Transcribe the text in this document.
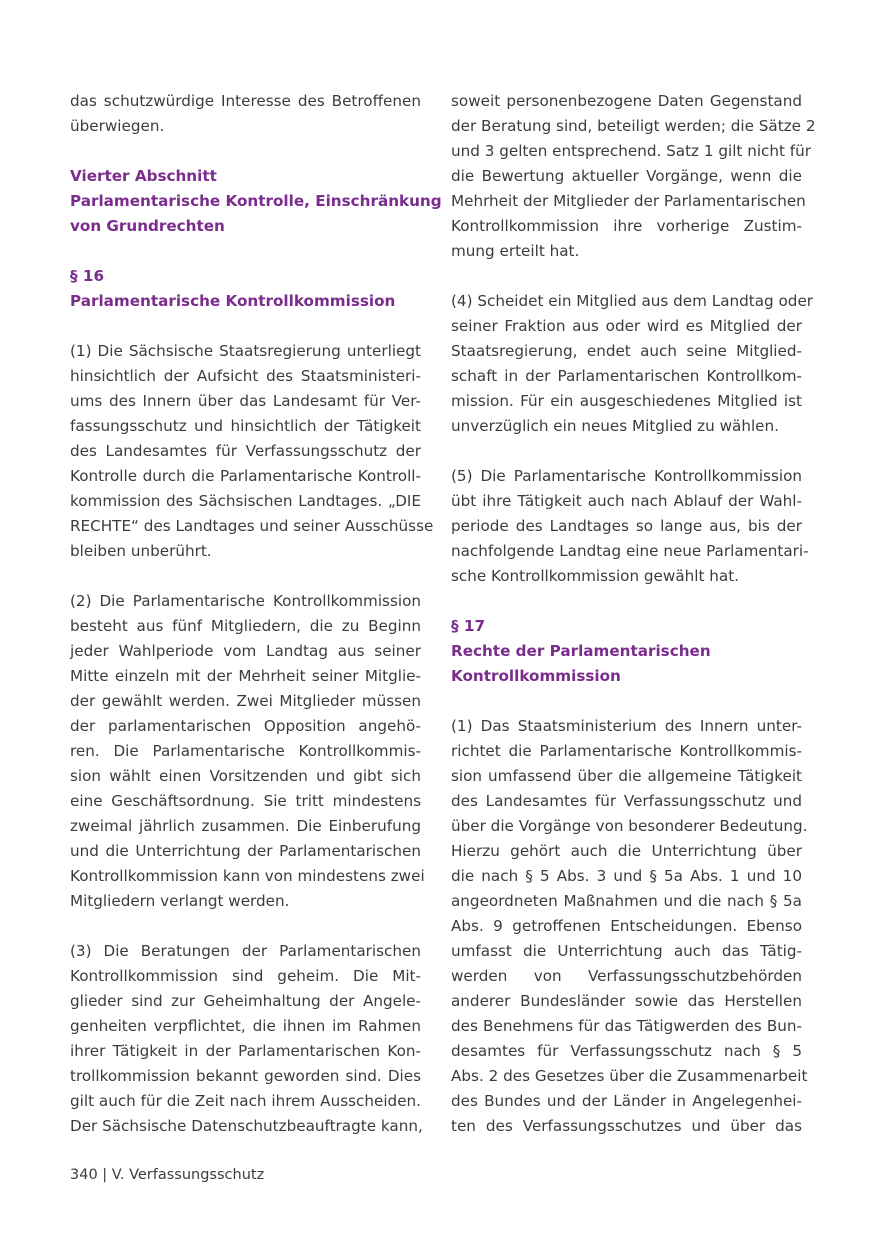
das schutzwürdige Interesse des Betroffenen
überwiegen.
Vierter Abschnitt
Parlamentarische Kontrolle, Einschränkung
von Grundrechten
§ 16
Parlamentarische Kontrollkommission
(1) Die Sächsische Staatsregierung unterliegt
hinsichtlich der Aufsicht des Staatsministeri-
ums des Innern über das Landesamt für Ver-
fassungsschutz und hinsichtlich der Tätigkeit
des Landesamtes für Verfassungsschutz der
Kontrolle durch die Parlamentarische Kontroll-
kommission des Sächsischen Landtages. „DIE
RECHTE“ des Landtages und seiner Ausschüsse
bleiben unberührt.
(2) Die Parlamentarische Kontrollkommission
besteht aus fünf Mitgliedern, die zu Beginn
jeder Wahlperiode vom Landtag aus seiner
Mitte einzeln mit der Mehrheit seiner Mitglie-
der gewählt werden. Zwei Mitglieder müssen
der parlamentarischen Opposition angehö-
ren. Die Parlamentarische Kontrollkommis-
sion wählt einen Vorsitzenden und gibt sich
eine Geschäftsordnung. Sie tritt mindestens
zweimal jährlich zusammen. Die Einberufung
und die Unterrichtung der Parlamentarischen
Kontrollkommission kann von mindestens zwei
Mitgliedern verlangt werden.
(3) Die Beratungen der Parlamentarischen
Kontrollkommission sind geheim. Die Mit-
glieder sind zur Geheimhaltung der Angele-
genheiten verpflichtet, die ihnen im Rahmen
ihrer Tätigkeit in der Parlamentarischen Kon-
trollkommission bekannt geworden sind. Dies
gilt auch für die Zeit nach ihrem Ausscheiden.
Der Sächsische Datenschutzbeauftragte kann,
soweit personenbezogene Daten Gegenstand
der Beratung sind, beteiligt werden; die Sätze 2
und 3 gelten entsprechend. Satz 1 gilt nicht für
die Bewertung aktueller Vorgänge, wenn die
Mehrheit der Mitglieder der Parlamentarischen
Kontrollkommission ihre vorherige Zustim-
mung erteilt hat.
(4) Scheidet ein Mitglied aus dem Landtag oder
seiner Fraktion aus oder wird es Mitglied der
Staatsregierung, endet auch seine Mitglied-
schaft in der Parlamentarischen Kontrollkom-
mission. Für ein ausgeschiedenes Mitglied ist
unverzüglich ein neues Mitglied zu wählen.
(5) Die Parlamentarische Kontrollkommission
übt ihre Tätigkeit auch nach Ablauf der Wahl-
periode des Landtages so lange aus, bis der
nachfolgende Landtag eine neue Parlamentari-
sche Kontrollkommission gewählt hat.
§ 17
Rechte der Parlamentarischen
Kontrollkommission
(1) Das Staatsministerium des Innern unter-
richtet die Parlamentarische Kontrollkommis-
sion umfassend über die allgemeine Tätigkeit
des Landesamtes für Verfassungsschutz und
über die Vorgänge von besonderer Bedeutung.
Hierzu gehört auch die Unterrichtung über
die nach § 5 Abs. 3 und § 5a Abs. 1 und 10
angeordneten Maßnahmen und die nach § 5a
Abs. 9 getroffenen Entscheidungen. Ebenso
umfasst die Unterrichtung auch das Tätig-
werden von Verfassungsschutzbehörden
anderer Bundesländer sowie das Herstellen
des Benehmens für das Tätigwerden des Bun-
desamtes für Verfassungsschutz nach § 5
Abs. 2 des Gesetzes über die Zusammenarbeit
des Bundes und der Länder in Angelegenhei-
ten des Verfassungsschutzes und über das
340 | V. Verfassungsschutz
